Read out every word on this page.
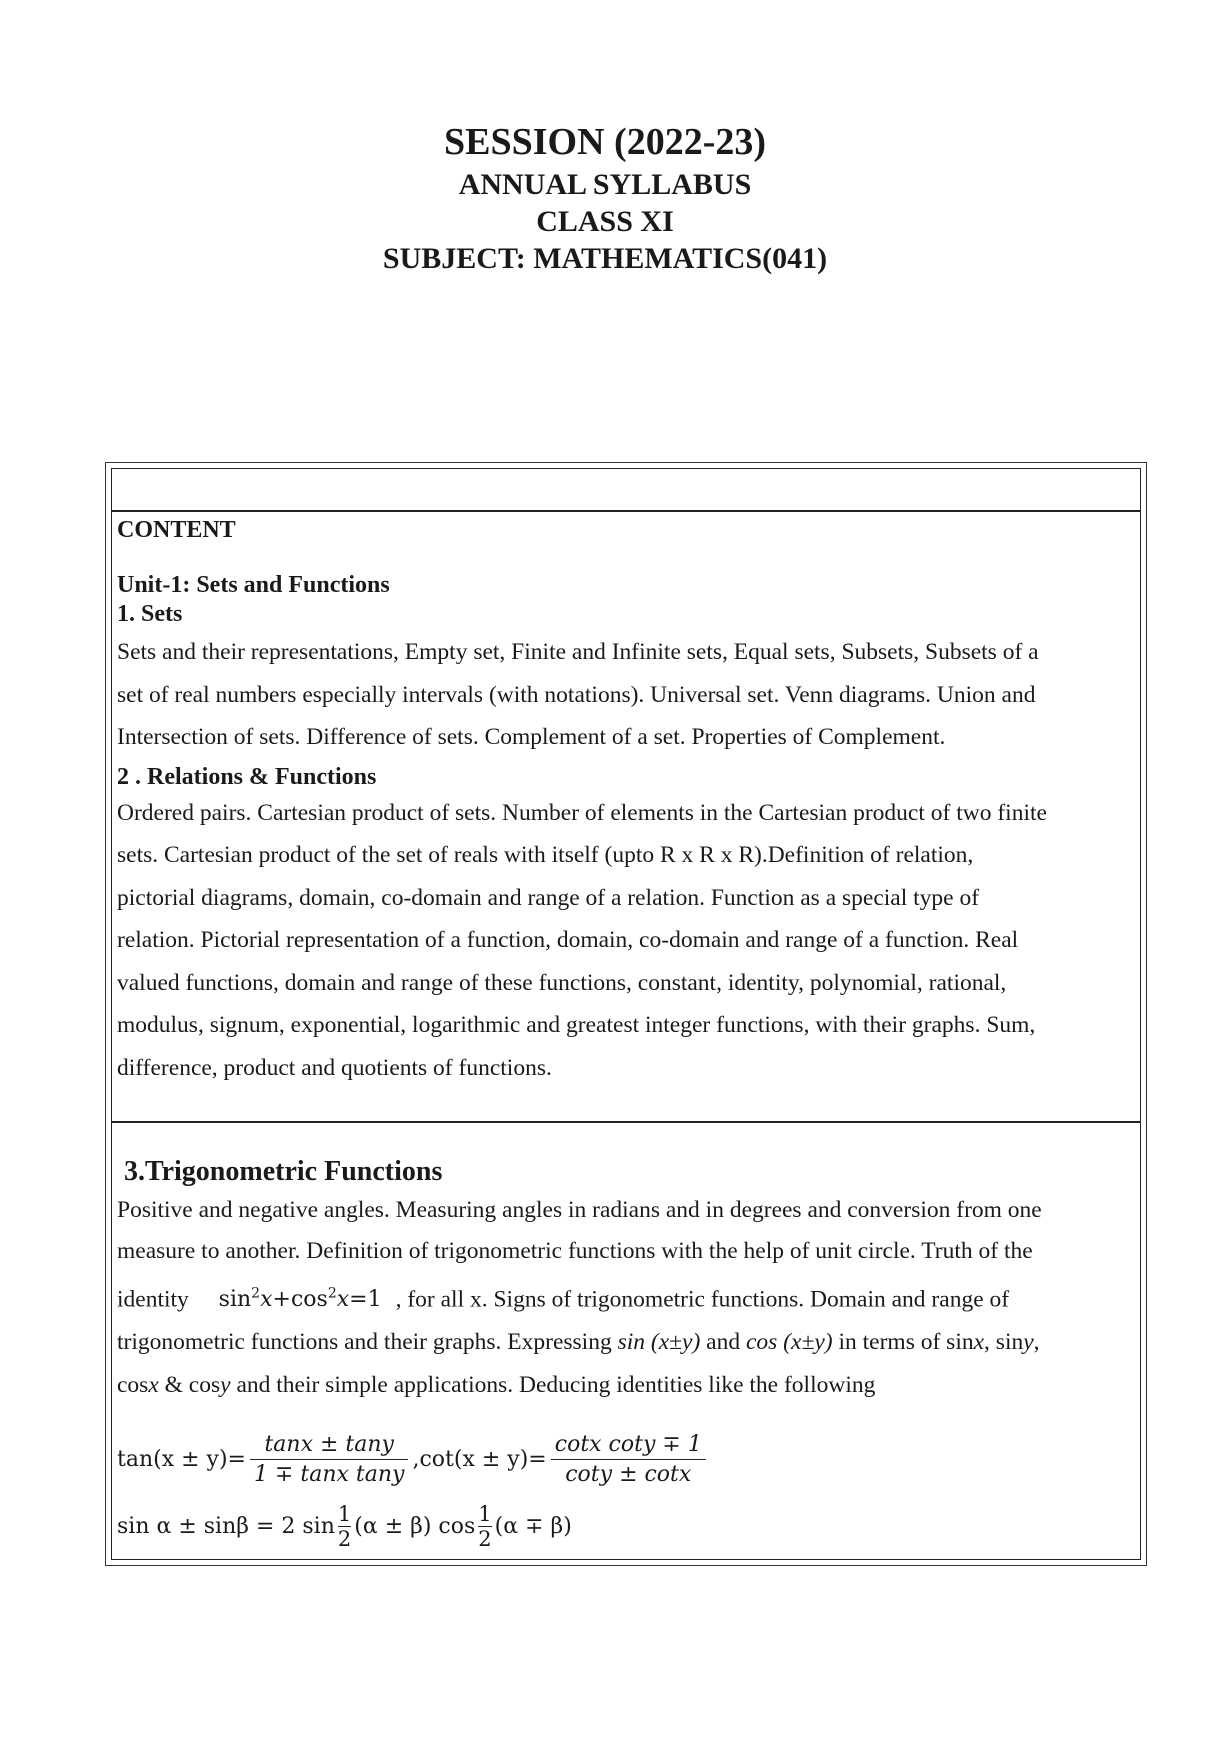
SESSION (2022-23)
ANNUAL SYLLABUS
CLASS XI
SUBJECT: MATHEMATICS(041)
CONTENT
Unit-1: Sets and Functions
1. Sets

Sets and their representations, Empty set, Finite and Infinite sets, Equal sets, Subsets, Subsets of a

set of real numbers especially intervals (with notations). Universal set. Venn diagrams. Union and

Intersection of sets. Difference of sets. Complement of a set. Properties of Complement.

2 . Relations & Functions

Ordered pairs. Cartesian product of sets. Number of elements in the Cartesian product of two finite

sets. Cartesian product of the set of reals with itself (upto R x R x R).Definition of relation,

pictorial diagrams, domain, co-domain and range of a relation. Function as a special type of

relation. Pictorial representation of a function, domain, co-domain and range of a function. Real

valued functions, domain and range of these functions, constant, identity, polynomial, rational,

modulus, signum, exponential, logarithmic and greatest integer functions, with their graphs. Sum,

difference, product and quotients of functions.

3.Trigonometric Functions

Positive and negative angles. Measuring angles in radians and in degrees and conversion from one

measure to another. Definition of trigonometric functions with the help of unit circle. Truth of the

identity $\sin^2x+\cos^2x=1$ , for all x. Signs of trigonometric functions. Domain and range of

trigonometric functions and their graphs. Expressing sin (x±y) and cos (x±y) in terms of sinx, siny,

cosx & cosy and their simple applications. Deducing identities like the following

$\tan(x \pm y)= \frac{\tan x \pm \tan y}{\text{1 ∓ tanx tany}} ,\cot(x \pm y)= \frac{\text{cotx coty ∓ 1}}{\cot y \pm \cot x}$
sin α ± sinβ = 2 $\sin \frac{1}{2} (\alpha \pm \beta)$ $\cos \frac{1}{2} (\alpha \mp \beta)$
